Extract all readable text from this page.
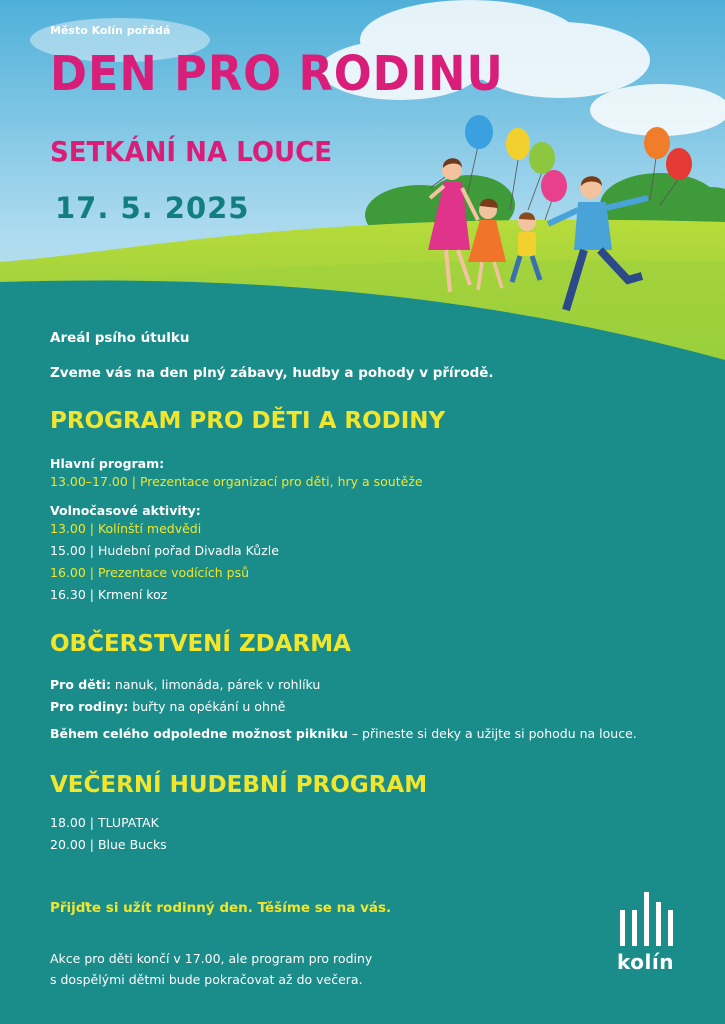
Město Kolín pořádá
DEN PRO RODINU
SETKÁNÍ NA LOUCE
17. 5. 2025

Areál psího útulku

Zveme vás na den plný zábavy, hudby a pohody v přírodě.

PROGRAM PRO DĚTI A RODINY
Hlavní program:
13.00–17.00 | Prezentace organizací pro děti, hry a soutěže
Volnočasové aktivity:
13.00 | Kolínští medvědi
15.00 | Hudební pořad Divadla Kůzle
16.00 | Prezentace vodících psů
16.30 | Krmení koz
OBČERSTVENÍ ZDARMA
Pro děti: nanuk, limonáda, párek v rohlíku
Pro rodiny: buřty na opékání u ohně
Během celého odpoledne možnost pikniku – přineste si deky a užijte si pohodu na louce.
VEČERNÍ HUDEBNÍ PROGRAM
18.00 | TLUPATAK
20.00 | Blue Bucks
Přijďte si užít rodinný den. Těšíme se na vás.
Akce pro děti končí v 17.00, ale program pro rodiny
s dospělými dětmi bude pokračovat až do večera.
kolín
